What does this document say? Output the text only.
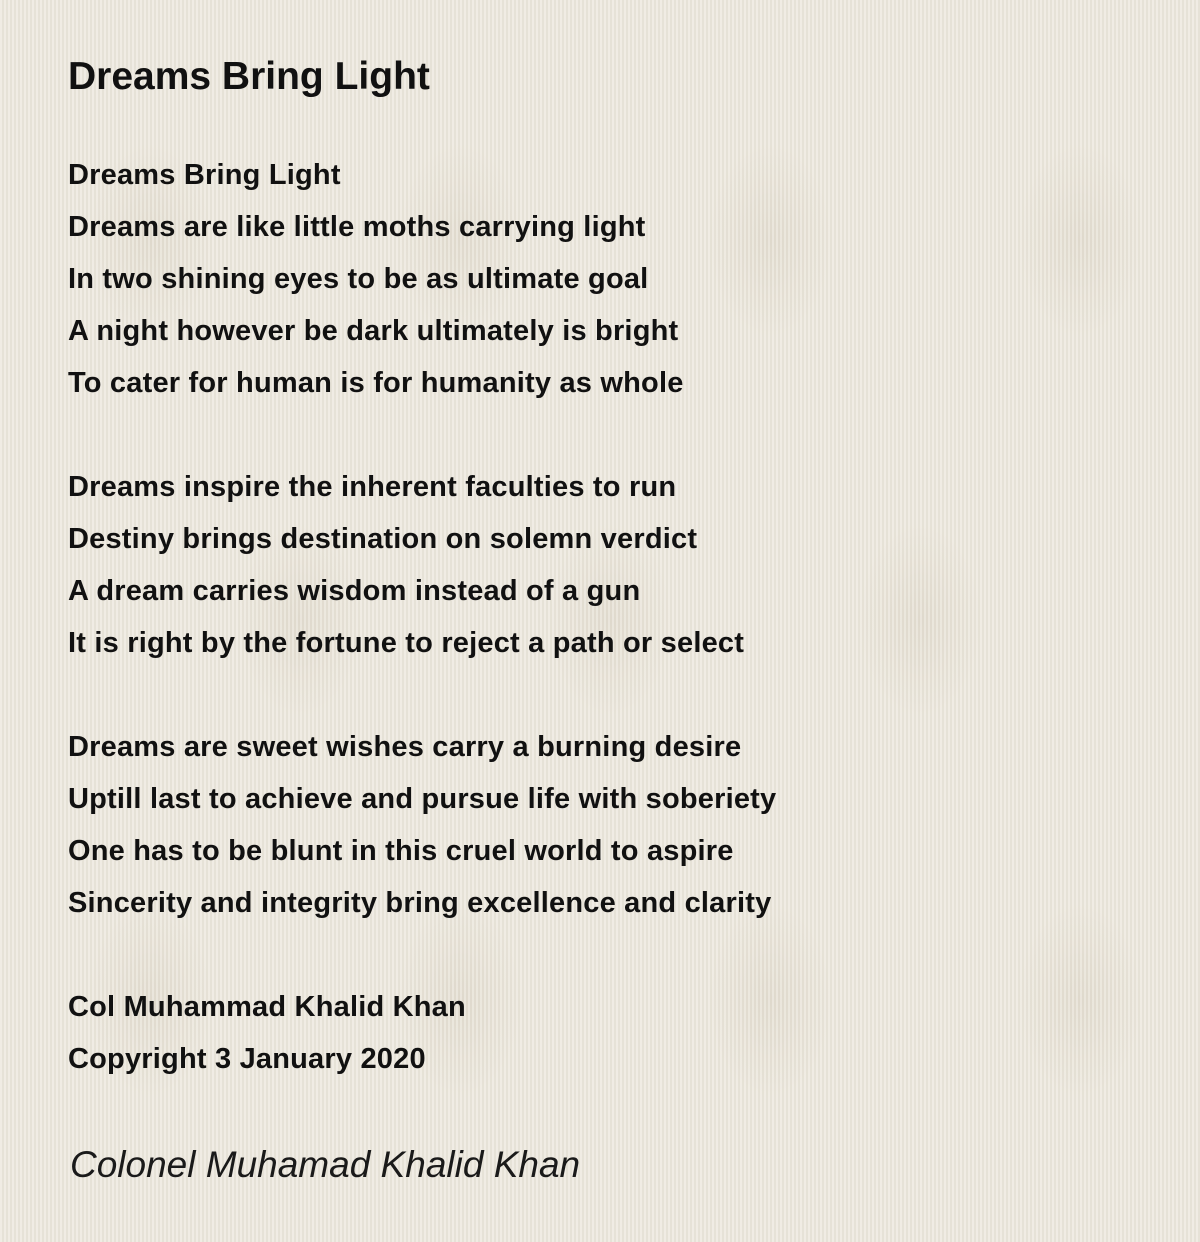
Dreams Bring Light
Dreams Bring Light
Dreams are like little moths carrying light
In two shining eyes to be as ultimate goal
A night however be dark ultimately is bright
To cater for human is for humanity as whole
Dreams inspire the inherent faculties to run
Destiny brings destination on solemn verdict
A dream carries wisdom instead of a gun
It is right by the fortune to reject a path or select
Dreams are sweet wishes carry a burning desire
Uptill last to achieve and pursue life with soberiety
One has to be blunt in this cruel world to aspire
Sincerity and integrity bring excellence and clarity
Col Muhammad Khalid Khan
Copyright 3 January 2020
Colonel Muhamad Khalid Khan
